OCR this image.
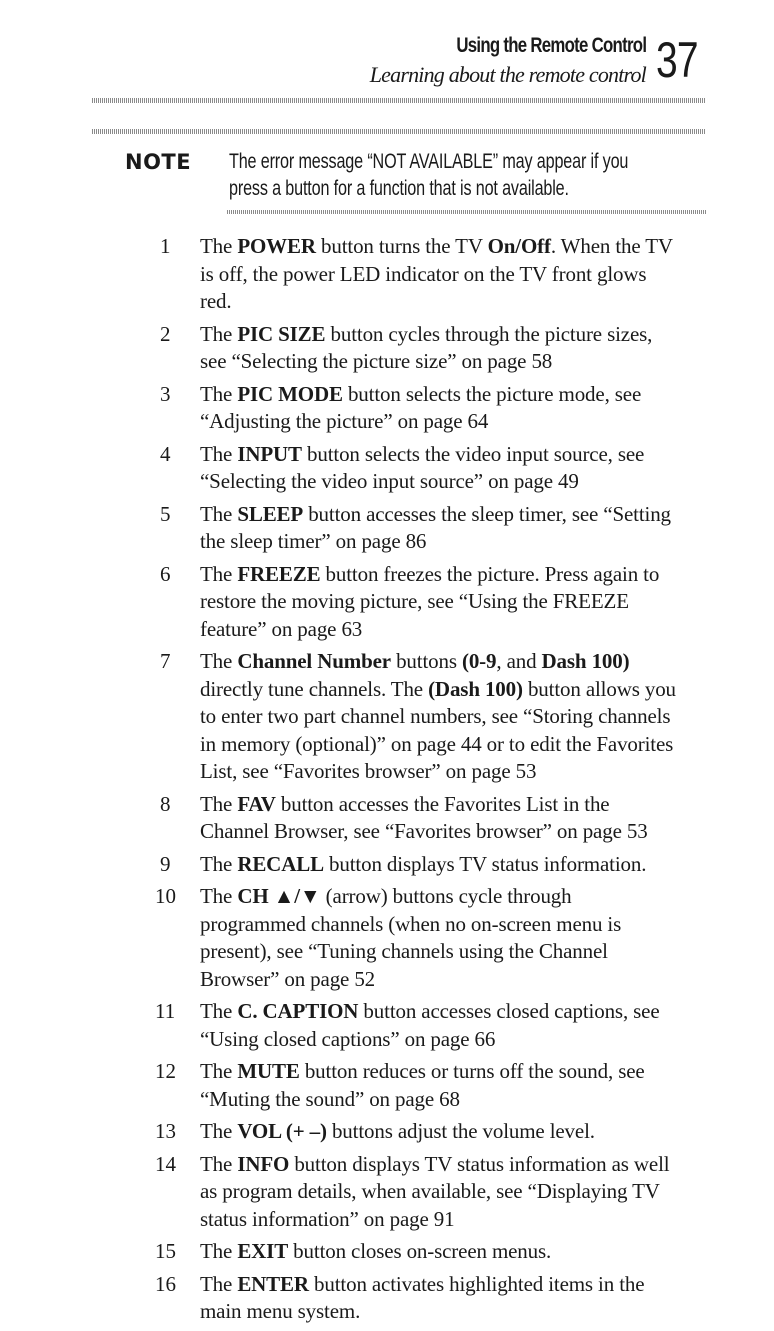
Using the Remote Control
Learning about the remote control 37
NOTE The error message “NOT AVAILABLE” may appear if you press a button for a function that is not available.
1	The POWER button turns the TV On/Off. When the TV is off, the power LED indicator on the TV front glows red.
2	The PIC SIZE button cycles through the picture sizes, see “Selecting the picture size” on page 58
3	The PIC MODE button selects the picture mode, see “Adjusting the picture” on page 64
4	The INPUT button selects the video input source, see “Selecting the video input source” on page 49
5	The SLEEP button accesses the sleep timer, see “Setting the sleep timer” on page 86
6	The FREEZE button freezes the picture. Press again to restore the moving picture, see “Using the FREEZE feature” on page 63
7	The Channel Number buttons (0-9, and Dash 100) directly tune channels. The (Dash 100) button allows you to enter two part channel numbers, see “Storing channels in memory (optional)” on page 44 or to edit the Favorites List, see “Favorites browser” on page 53
8	The FAV button accesses the Favorites List in the Channel Browser, see “Favorites browser” on page 53
9	The RECALL button displays TV status information.
10 The CH ▲/▼ (arrow) buttons cycle through programmed channels (when no on-screen menu is present), see “Tuning channels using the Channel Browser” on page 52
11 The C. CAPTION button accesses closed captions, see “Using closed captions” on page 66
12 The MUTE button reduces or turns off the sound, see “Muting the sound” on page 68
13 The VOL (+ –) buttons adjust the volume level.
14 The INFO button displays TV status information as well as program details, when available, see “Displaying TV status information” on page 91
15 The EXIT button closes on-screen menus.
16 The ENTER button activates highlighted items in the main menu system.
